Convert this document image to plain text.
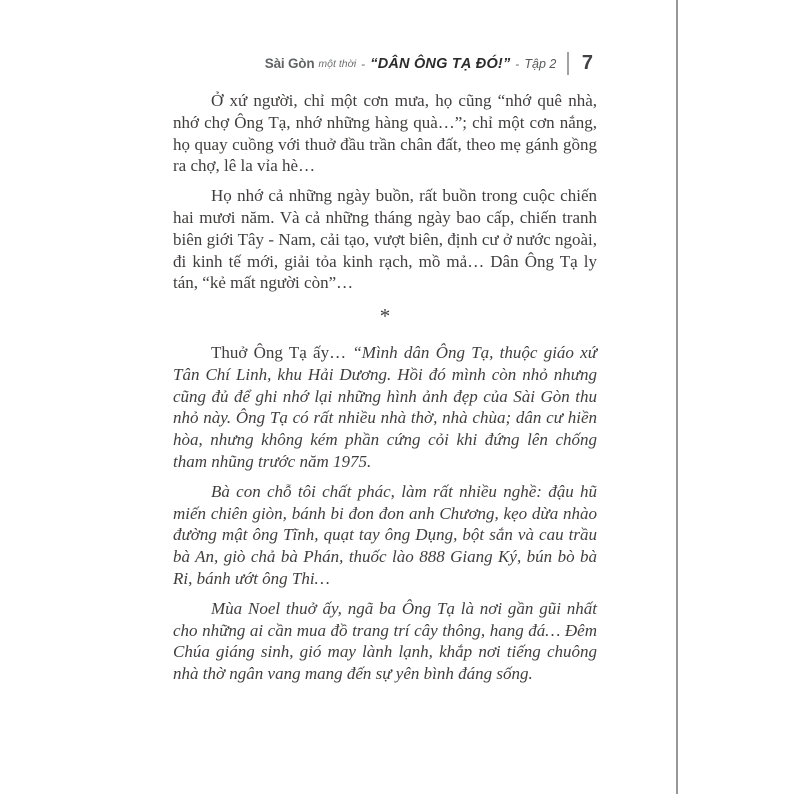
Sài Gòn một thời - “DÂN ÔNG TẠ ĐÓ!” - Tập 2 7

Ở xứ người, chỉ một cơn mưa, họ cũng “nhớ quê nhà, nhớ chợ Ông Tạ, nhớ những hàng quà…”; chỉ một cơn nắng, họ quay cuồng với thuở đầu trần chân đất, theo mẹ gánh gồng ra chợ, lê la vỉa hè…

Họ nhớ cả những ngày buồn, rất buồn trong cuộc chiến hai mươi năm. Và cả những tháng ngày bao cấp, chiến tranh biên giới Tây - Nam, cải tạo, vượt biên, định cư ở nước ngoài, đi kinh tế mới, giải tỏa kinh rạch, mồ mả… Dân Ông Tạ ly tán, “kẻ mất người còn”…

*

Thuở Ông Tạ ấy… “Mình dân Ông Tạ, thuộc giáo xứ Tân Chí Linh, khu Hải Dương. Hồi đó mình còn nhỏ nhưng cũng đủ để ghi nhớ lại những hình ảnh đẹp của Sài Gòn thu nhỏ này. Ông Tạ có rất nhiều nhà thờ, nhà chùa; dân cư hiền hòa, nhưng không kém phần cứng cỏi khi đứng lên chống tham nhũng trước năm 1975.

Bà con chỗ tôi chất phác, làm rất nhiều nghề: đậu hũ miến chiên giòn, bánh bi đon đon anh Chương, kẹo dừa nhào đường mật ông Tĩnh, quạt tay ông Dụng, bột sắn và cau trầu bà An, giò chả bà Phán, thuốc lào 888 Giang Ký, bún bò bà Ri, bánh ướt ông Thi…

Mùa Noel thuở ấy, ngã ba Ông Tạ là nơi gần gũi nhất cho những ai cần mua đồ trang trí cây thông, hang đá… Đêm Chúa giáng sinh, gió may lành lạnh, khắp nơi tiếng chuông nhà thờ ngân vang mang đến sự yên bình đáng sống.
